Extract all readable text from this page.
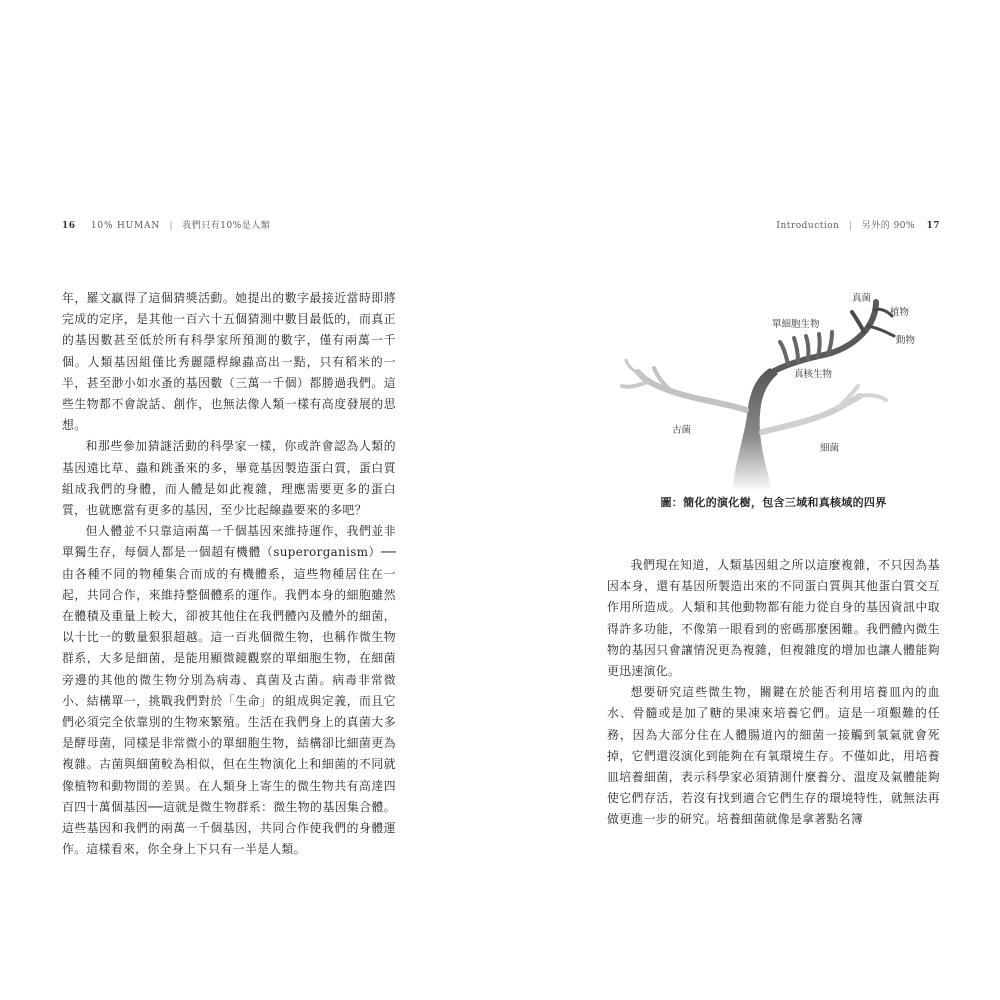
16 10% HUMAN | 我們只有10%是人類

年，羅文贏得了這個猜獎活動。她提出的數字最接近當時即將完成的定序，是其他一百六十五個猜測中數目最低的，而真正的基因數甚至低於所有科學家所預測的數字，僅有兩萬一千個。人類基因組僅比秀麗隱桿線蟲高出一點，只有稻米的一半，甚至渺小如水蚤的基因數（三萬一千個）都勝過我們。這些生物都不會說話、創作，也無法像人類一樣有高度發展的思想。

和那些參加猜謎活動的科學家一樣，你或許會認為人類的基因遠比草、蟲和跳蚤來的多，畢竟基因製造蛋白質，蛋白質組成我們的身體，而人體是如此複雜，理應需要更多的蛋白質，也就應當有更多的基因，至少比起線蟲要來的多吧？

但人體並不只靠這兩萬一千個基因來維持運作，我們並非單獨生存，每個人都是一個超有機體（superorganism）──由各種不同的物種集合而成的有機體系，這些物種居住在一起，共同合作，來維持整個體系的運作。我們本身的細胞雖然在體積及重量上較大，卻被其他住在我們體內及體外的細菌，以十比一的數量狠狠超越。這一百兆個微生物，也稱作微生物群系，大多是細菌，是能用顯微鏡觀察的單細胞生物，在細菌旁邊的其他的微生物分別為病毒、真菌及古菌。病毒非常微小、結構單一，挑戰我們對於「生命」的組成與定義，而且它們必須完全依靠別的生物來繁殖。生活在我們身上的真菌大多是酵母菌，同樣是非常微小的單細胞生物，結構卻比細菌更為複雜。古菌與細菌較為相似，但在生物演化上和細菌的不同就像植物和動物間的差異。在人類身上寄生的微生物共有高達四百四十萬個基因──這就是微生物群系：微生物的基因集合體。這些基因和我們的兩萬一千個基因，共同合作使我們的身體運作。這樣看來，你全身上下只有一半是人類。

Introduction | 另外的 90% 17
真菌
植物
動物
單細胞生物
真核生物
古菌
細菌
圖：簡化的演化樹，包含三域和真核域的四界

我們現在知道，人類基因組之所以這麼複雜，不只因為基因本身，還有基因所製造出來的不同蛋白質與其他蛋白質交互作用所造成。人類和其他動物都有能力從自身的基因資訊中取得許多功能，不像第一眼看到的密碼那麼困難。我們體內微生物的基因只會讓情況更為複雜，但複雜度的增加也讓人體能夠更迅速演化。

想要研究這些微生物，關鍵在於能否利用培養皿內的血水、骨髓或是加了糖的果凍來培養它們。這是一項艱難的任務，因為大部分住在人體腸道內的細菌一接觸到氧氣就會死掉，它們還沒演化到能夠在有氧環境生存。不僅如此，用培養皿培養細菌，表示科學家必須猜測什麼養分、溫度及氣體能夠使它們存活，若沒有找到適合它們生存的環境特性，就無法再做更進一步的研究。培養細菌就像是拿著點名簿
